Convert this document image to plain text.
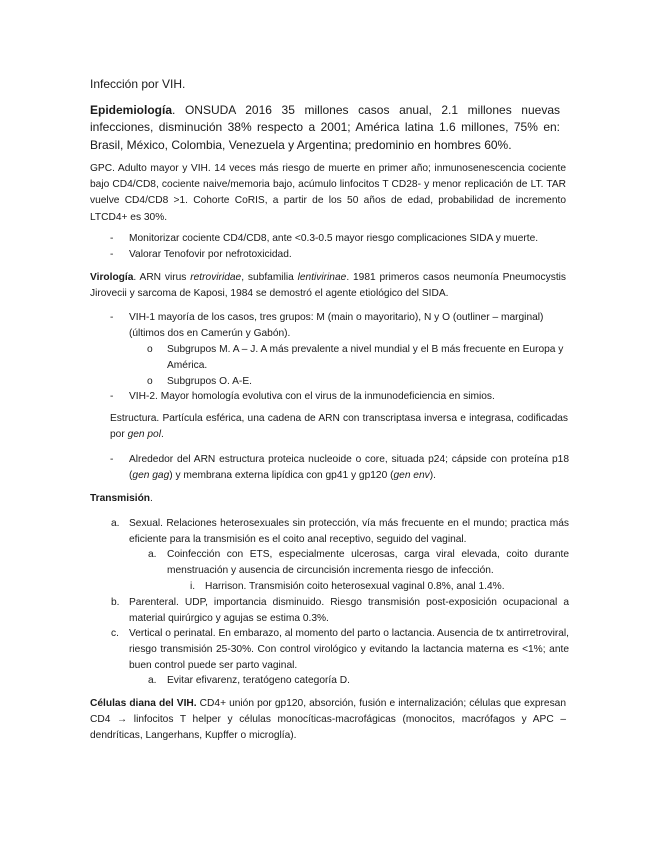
Infección por VIH.
Epidemiología. ONSUDA 2016 35 millones casos anual, 2.1 millones nuevas infecciones, disminución 38% respecto a 2001; América latina 1.6 millones, 75% en: Brasil, México, Colombia, Venezuela y Argentina; predominio en hombres 60%.
GPC. Adulto mayor y VIH. 14 veces más riesgo de muerte en primer año; inmunosenescencia cociente bajo CD4/CD8, cociente naive/memoria bajo, acúmulo linfocitos T CD28- y menor replicación de LT. TAR vuelve CD4/CD8 >1. Cohorte CoRIS, a partir de los 50 años de edad, probabilidad de incremento LTCD4+ es 30%.
- Monitorizar cociente CD4/CD8, ante <0.3-0.5 mayor riesgo complicaciones SIDA y muerte.
- Valorar Tenofovir por nefrotoxicidad.
Virología. ARN virus retroviridae, subfamilia lentivirinae. 1981 primeros casos neumonía Pneumocystis Jirovecii y sarcoma de Kaposi, 1984 se demostró el agente etiológico del SIDA.
- VIH-1 mayoría de los casos, tres grupos: M (main o mayoritario), N y O (outliner – marginal) (últimos dos en Camerún y Gabón).
o Subgrupos M. A – J. A más prevalente a nivel mundial y el B más frecuente en Europa y América.
o Subgrupos O. A-E.
- VIH-2. Mayor homología evolutiva con el virus de la inmunodeficiencia en simios.
Estructura. Partícula esférica, una cadena de ARN con transcriptasa inversa e integrasa, codificadas por gen pol.
- Alrededor del ARN estructura proteica nucleoide o core, situada p24; cápside con proteína p18 (gen gag) y membrana externa lipídica con gp41 y gp120 (gen env).
Transmisión.
a. Sexual. Relaciones heterosexuales sin protección, vía más frecuente en el mundo; practica más eficiente para la transmisión es el coito anal receptivo, seguido del vaginal.
a. Coinfección con ETS, especialmente ulcerosas, carga viral elevada, coito durante menstruación y ausencia de circuncisión incrementa riesgo de infección.
i. Harrison. Transmisión coito heterosexual vaginal 0.8%, anal 1.4%.
b. Parenteral. UDP, importancia disminuido. Riesgo transmisión post-exposición ocupacional a material quirúrgico y agujas se estima 0.3%.
c. Vertical o perinatal. En embarazo, al momento del parto o lactancia. Ausencia de tx antirretroviral, riesgo transmisión 25-30%. Con control virológico y evitando la lactancia materna es <1%; ante buen control puede ser parto vaginal.
a. Evitar efivarenz, teratógeno categoría D.
Células diana del VIH. CD4+ unión por gp120, absorción, fusión e internalización; células que expresan CD4 → linfocitos T helper y células monocíticas-macrofágicas (monocitos, macrófagos y APC – dendríticas, Langerhans, Kupffer o microglía).
